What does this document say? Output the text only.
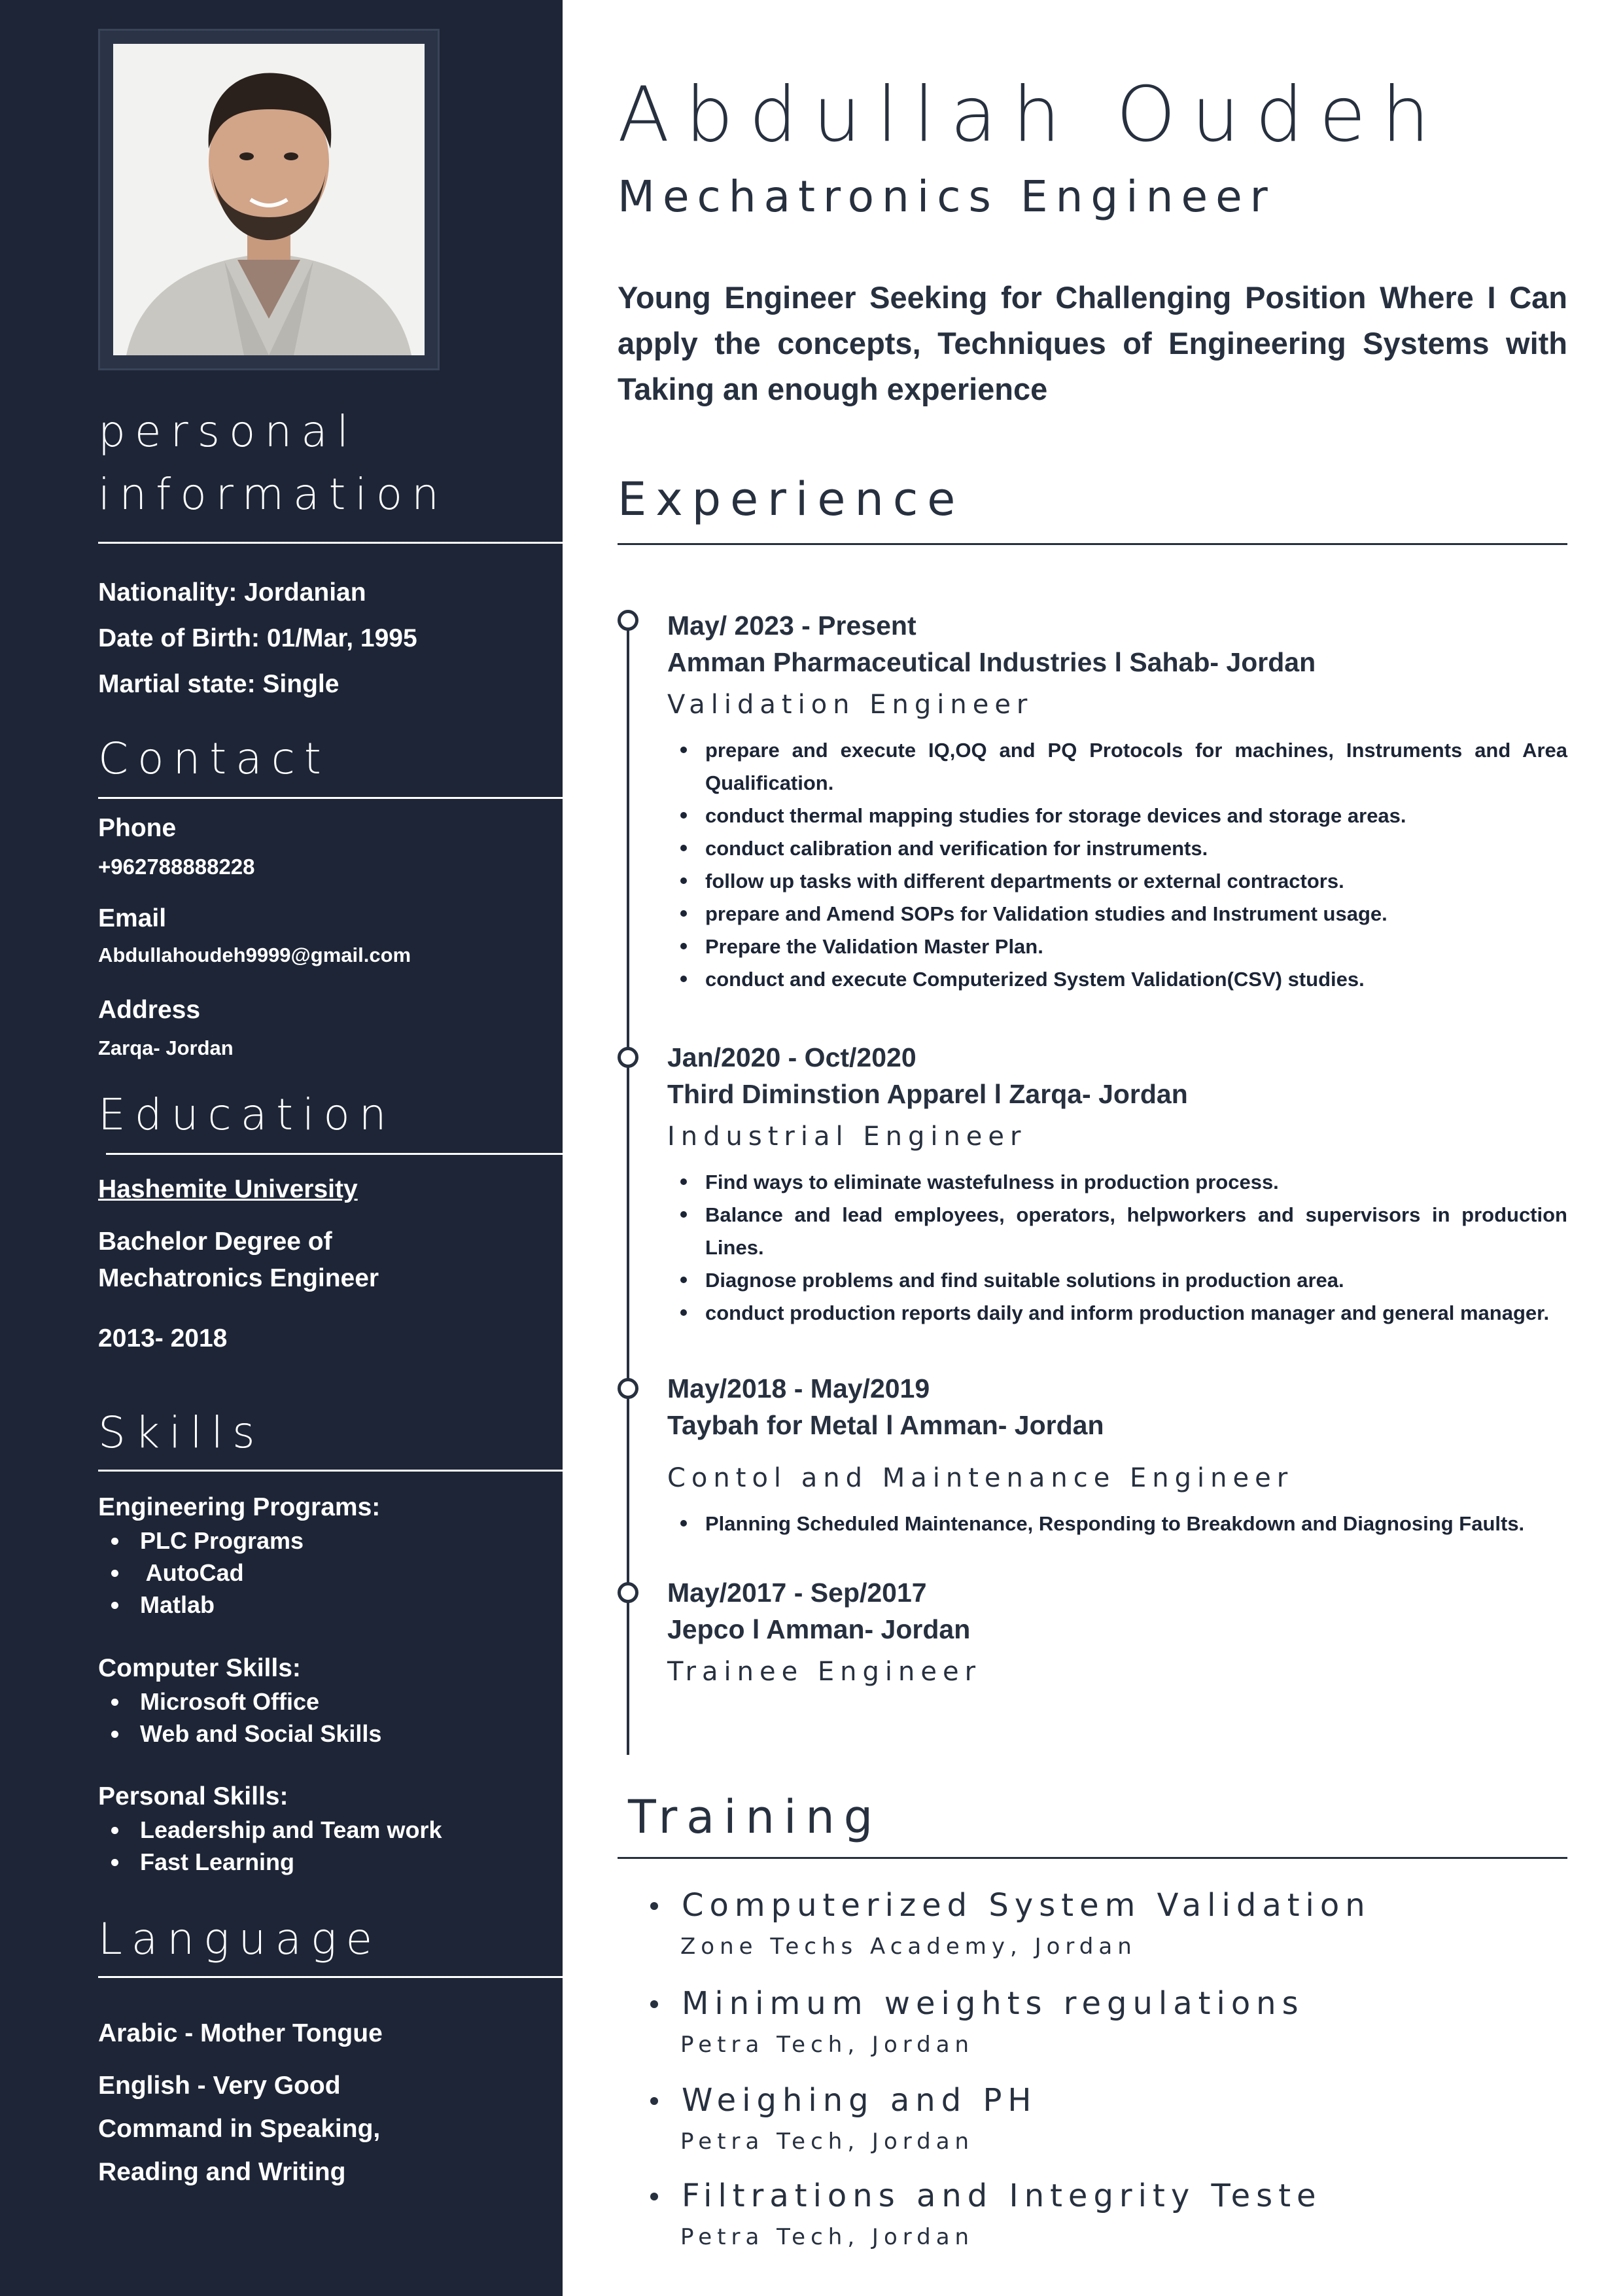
personal
information
Nationality: Jordanian
Date of Birth: 01/Mar, 1995
Martial state: Single
Contact
Phone
+962788888228
Email
Abdullahoudeh9999@gmail.com
Address
Zarqa- Jordan
Education
Hashemite University
Bachelor Degree of
Mechatronics Engineer
2013- 2018
Skills
Engineering Programs:
PLC Programs
AutoCad
Matlab
Computer Skills:
Microsoft Office
Web and Social Skills
Personal Skills:
Leadership and Team work
Fast Learning
Language
Arabic - Mother Tongue
English - Very Good
Command in Speaking,
Reading and Writing
Abdullah Oudeh
Mechatronics Engineer
Young Engineer Seeking for Challenging Position Where I Can apply the concepts, Techniques of Engineering Systems with Taking an enough experience
Experience
May/ 2023 - Present
Amman Pharmaceutical Industries l Sahab- Jordan
Validation Engineer
prepare and execute IQ,OQ and PQ Protocols for machines, Instruments and Area Qualification.
conduct thermal mapping studies for storage devices and storage areas.
conduct calibration and verification for instruments.
follow up tasks with different departments or external contractors.
prepare and Amend SOPs for Validation studies and Instrument usage.
Prepare the Validation Master Plan.
conduct and execute Computerized System Validation(CSV) studies.
Jan/2020 - Oct/2020
Third Diminstion Apparel l Zarqa- Jordan
Industrial Engineer
Find ways to eliminate wastefulness in production process.
Balance and lead employees, operators, helpworkers and supervisors in production Lines.
Diagnose problems and find suitable solutions in production area.
conduct production reports daily and inform production manager and general manager.
May/2018 - May/2019
Taybah for Metal l Amman- Jordan
Contol and Maintenance Engineer
Planning Scheduled Maintenance, Responding to Breakdown and Diagnosing Faults.
May/2017 - Sep/2017
Jepco l Amman- Jordan
Trainee Engineer
Training
Computerized System Validation
Zone Techs Academy, Jordan
Minimum weights regulations
Petra Tech, Jordan
Weighing and PH
Petra Tech, Jordan
Filtrations and Integrity Teste
Petra Tech, Jordan
